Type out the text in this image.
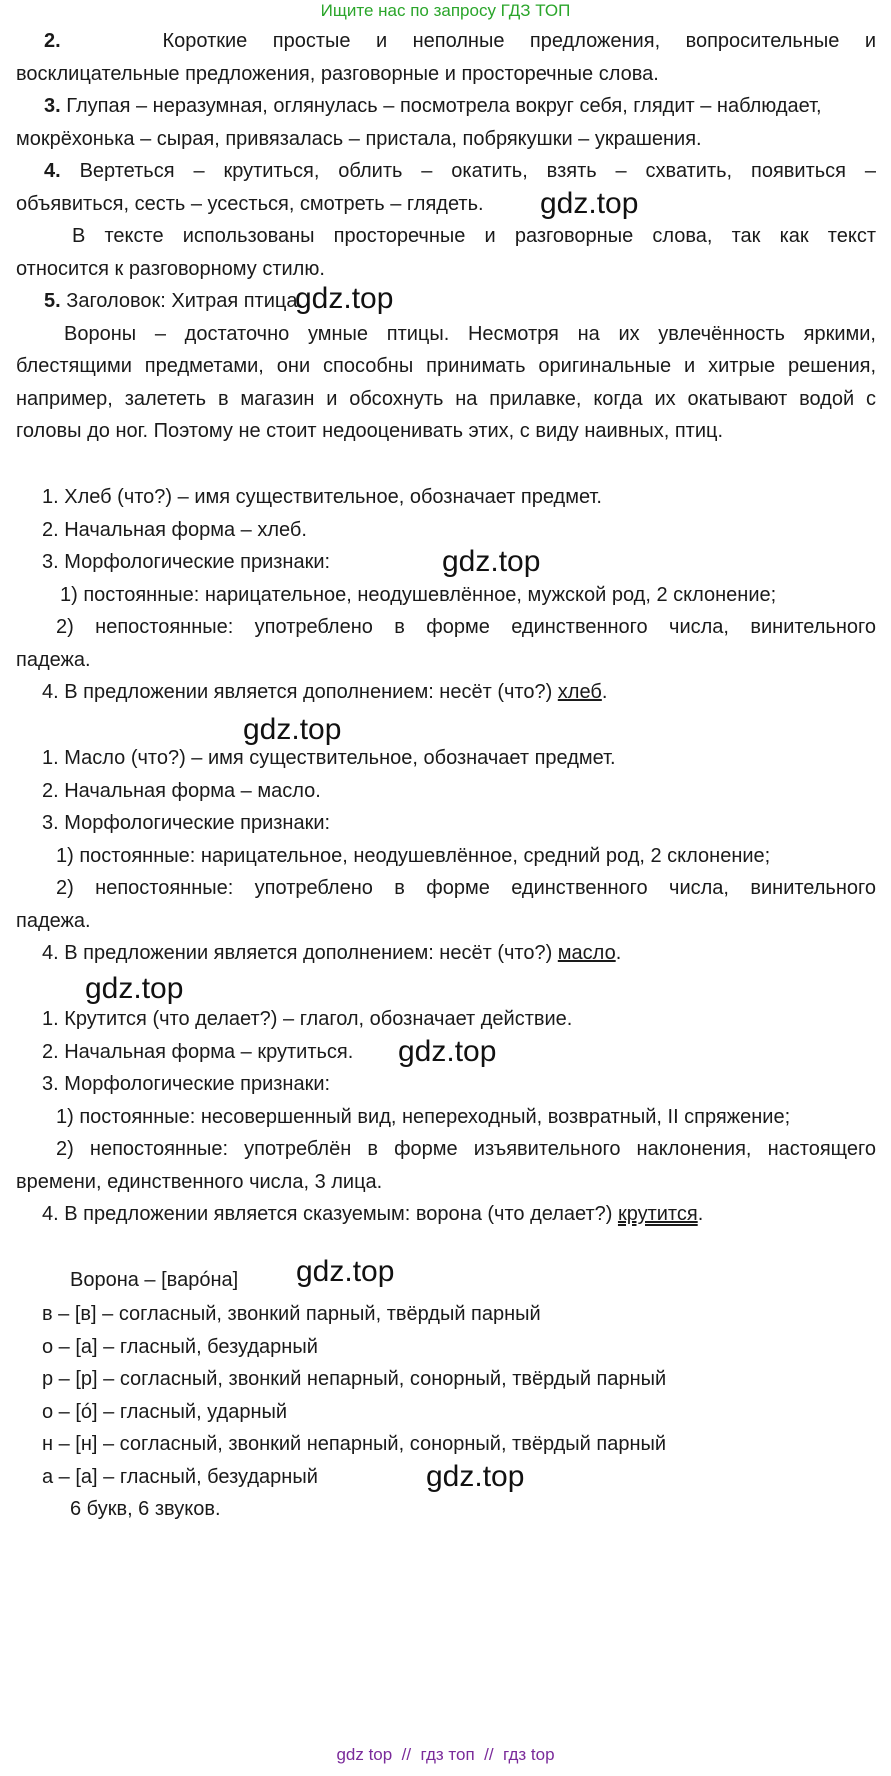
Ищите нас по запросу ГДЗ ТОП
2.	Короткие простые и неполные предложения, вопросительные и
восклицательные предложения, разговорные и просторечные слова.
3. Глупая – неразумная, оглянулась – посмотрела вокруг себя, глядит – наблюдает,
мокрёхонька – сырая, привязалась – пристала, побрякушки – украшения.
4. Вертеться – крутиться, облить – окатить, взять – схватить, появиться –
объявиться, сесть – усесться, смотреть – глядеть.	gdz.top
В тексте использованы просторечные и разговорные слова, так как текст
относится к разговорному стилю.
5. Заголовок: Хитрая птица.
gdz.top
Вороны – достаточно умные птицы. Несмотря на их увлечённость яркими,
блестящими предметами, они способны принимать оригинальные и хитрые решения,
например, залететь в магазин и обсохнуть на прилавке, когда их окатывают водой с
головы до ног. Поэтому не стоит недооценивать этих, с виду наивных, птиц.
1. Хлеб (что?) – имя существительное, обозначает предмет.
2. Начальная форма – хлеб.
3. Морфологические признаки:	gdz.top
1) постоянные: нарицательное, неодушевлённое, мужской род, 2 склонение;
2) непостоянные: употреблено в форме единственного числа, винительного
падежа.
4. В предложении является дополнением: несёт (что?) хлеб.
gdz.top
1. Масло (что?) – имя существительное, обозначает предмет.
2. Начальная форма – масло.
3. Морфологические признаки:
1) постоянные: нарицательное, неодушевлённое, средний род, 2 склонение;
2) непостоянные: употреблено в форме единственного числа, винительного
падежа.
4. В предложении является дополнением: несёт (что?) масло.
gdz.top
1. Крутится (что делает?) – глагол, обозначает действие.
2. Начальная форма – крутиться.	gdz.top
3. Морфологические признаки:
1) постоянные: несовершенный вид, непереходный, возвратный, II спряжение;
2) непостоянные: употреблён в форме изъявительного наклонения, настоящего
времени, единственного числа, 3 лица.
4. В предложении является сказуемым: ворона (что делает?) крутится.
Ворона – [варóна]	gdz.top
в – [в] – согласный, звонкий парный, твёрдый парный
о – [а] – гласный, безударный
р – [р] – согласный, звонкий непарный, сонорный, твёрдый парный
о – [ó] – гласный, ударный
н – [н] – согласный, звонкий непарный, сонорный, твёрдый парный
а – [а] – гласный, безударный	gdz.top
6 букв, 6 звуков.
gdz top  //  гдз топ  //  гдз top
